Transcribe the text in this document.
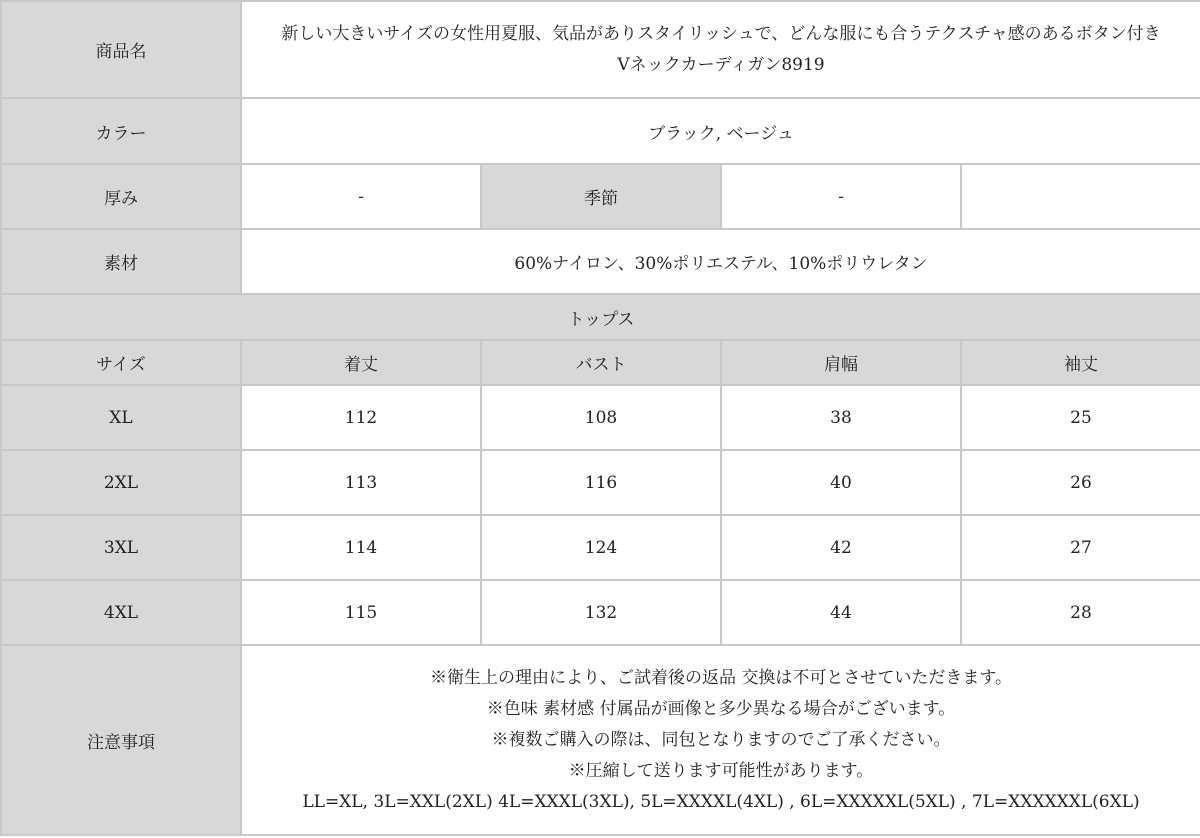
商品名	新しい大きいサイズの女性用夏服、気品がありスタイリッシュで、どんな服にも合うテクスチャ感のあるボタン付き
Vネックカーディガン8919			

カラー	ブラック, ベージュ			
厚み	-	季節	-	
素材	60%ナイロン、30%ポリエステル、10%ポリウレタン			
トップス				
サイズ	着丈	バスト	肩幅	袖丈
XL	112	108	38	25
2XL	113	116	40	26
3XL	114	124	42	27
4XL	115	132	44	28
注意事項	※衛生上の理由により、ご試着後の返品 交換は不可とさせていただきます。
※色味 素材感 付属品が画像と多少異なる場合がございます。
※複数ご購入の際は、同包となりますのでご了承ください。
※圧縮して送ります可能性があります。
LL=XL, 3L=XXL(2XL) 4L=XXXL(3XL), 5L=XXXXL(4XL) , 6L=XXXXXL(5XL) , 7L=XXXXXXL(6XL)			
